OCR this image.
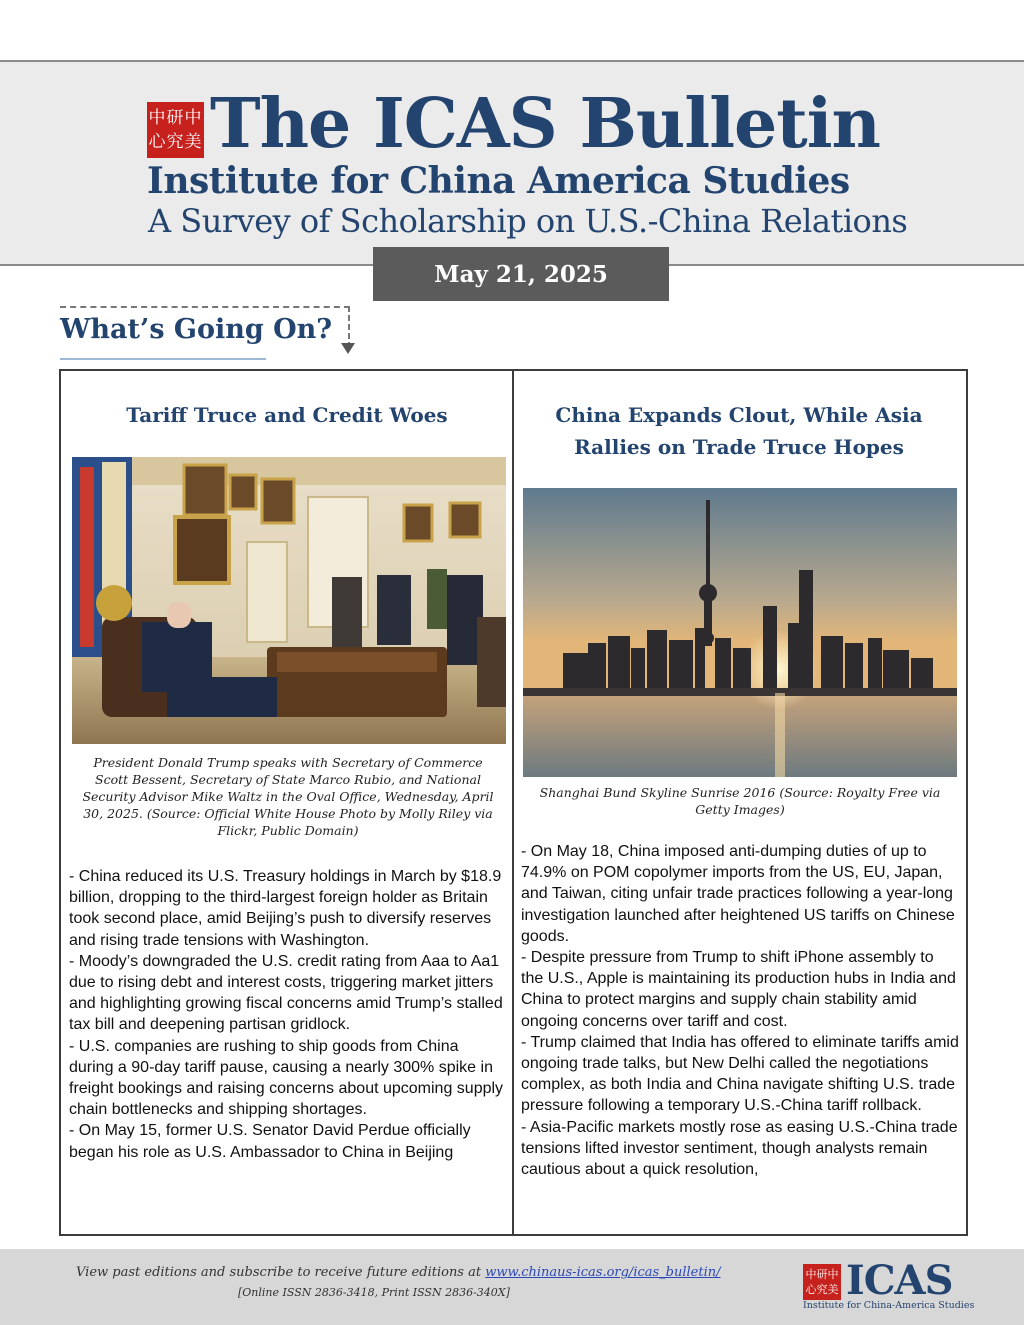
中研中心究美 The ICAS Bulletin
Institute for China America Studies
A Survey of Scholarship on U.S.-China Relations
May 21, 2025
What’s Going On?
Tariff Truce and Credit Woes
President Donald Trump speaks with Secretary of Commerce Scott Bessent, Secretary of State Marco Rubio, and National Security Advisor Mike Waltz in the Oval Office, Wednesday, April 30, 2025. (Source: Official White House Photo by Molly Riley via Flickr, Public Domain)

- China reduced its U.S. Treasury holdings in March by $18.9 billion, dropping to the third-largest foreign holder as Britain took second place, amid Beijing’s push to diversify reserves and rising trade tensions with Washington.

- Moody’s downgraded the U.S. credit rating from Aaa to Aa1 due to rising debt and interest costs, triggering market jitters and highlighting growing fiscal concerns amid Trump’s stalled tax bill and deepening partisan gridlock.

- U.S. companies are rushing to ship goods from China during a 90-day tariff pause, causing a nearly 300% spike in freight bookings and raising concerns about upcoming supply chain bottlenecks and shipping shortages.

- On May 15, former U.S. Senator David Perdue officially began his role as U.S. Ambassador to China in Beijing

China Expands Clout, While Asia Rallies on Trade Truce Hopes
Shanghai Bund Skyline Sunrise 2016 (Source: Royalty Free via Getty Images)

- On May 18, China imposed anti-dumping duties of up to 74.9% on POM copolymer imports from the US, EU, Japan, and Taiwan, citing unfair trade practices following a year-long investigation launched after heightened US tariffs on Chinese goods.

- Despite pressure from Trump to shift iPhone assembly to the U.S., Apple is maintaining its production hubs in India and China to protect margins and supply chain stability amid ongoing concerns over tariff and cost.

- Trump claimed that India has offered to eliminate tariffs amid ongoing trade talks, but New Delhi called the negotiations complex, as both India and China navigate shifting U.S. trade pressure following a temporary U.S.-China tariff rollback.

- Asia-Pacific markets mostly rose as easing U.S.-China trade tensions lifted investor sentiment, though analysts remain cautious about a quick resolution,

View past editions and subscribe to receive future editions at www.chinaus-icas.org/icas_bulletin/
[Online ISSN 2836-3418, Print ISSN 2836-340X]
中研中心究美 ICAS
Institute for China-America Studies
